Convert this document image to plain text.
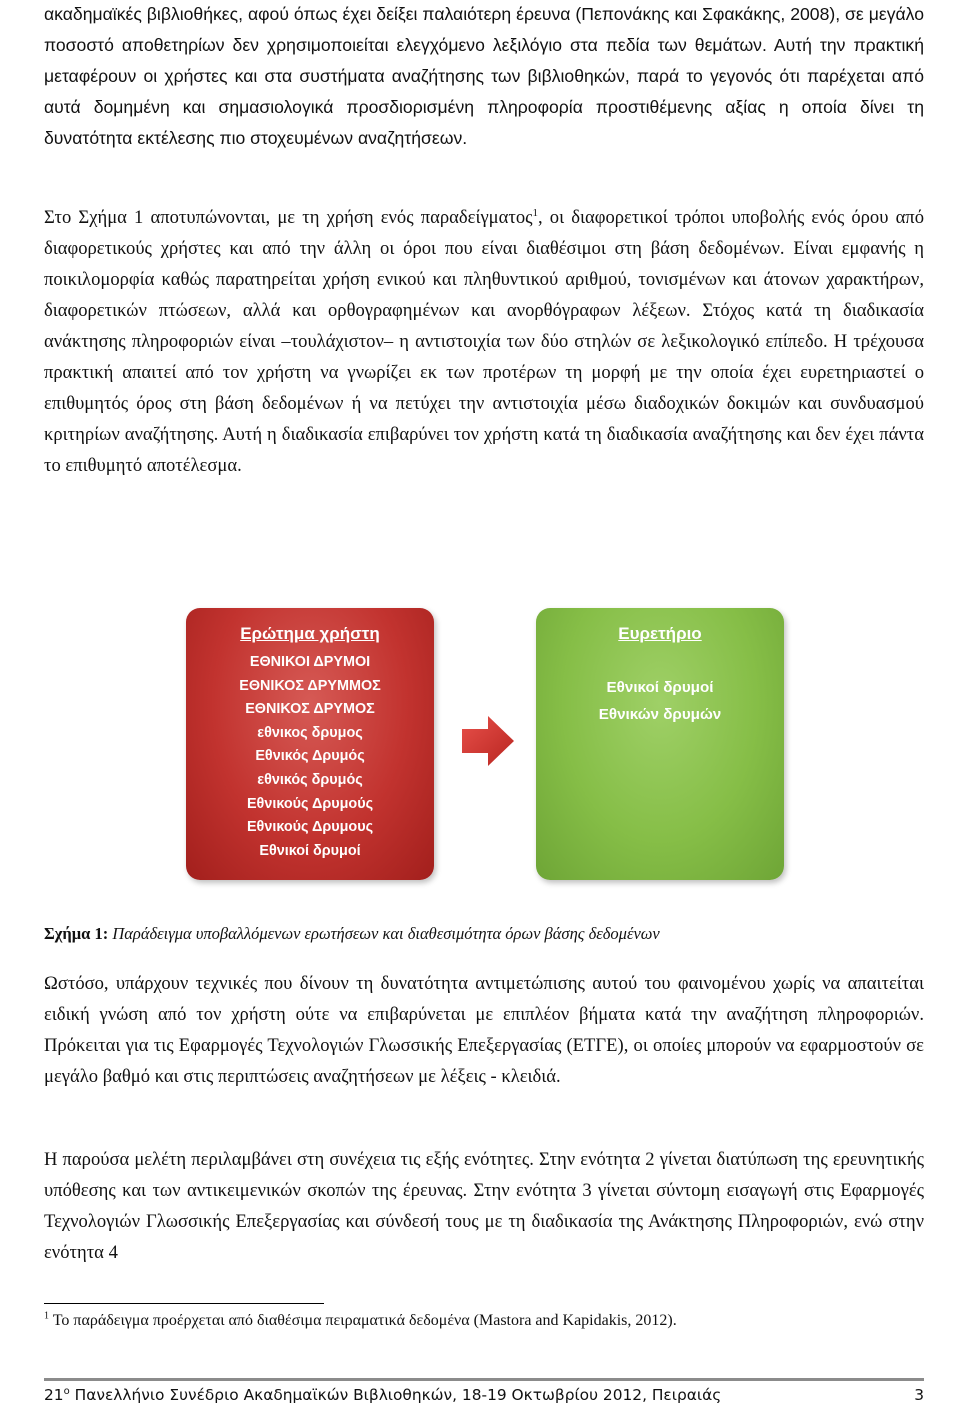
ακαδημαϊκές βιβλιοθήκες, αφού όπως έχει δείξει παλαιότερη έρευνα (Πεπονάκης και Σφακάκης, 2008), σε μεγάλο ποσοστό αποθετηρίων δεν χρησιμοποιείται ελεγχόμενο λεξιλόγιο στα πεδία των θεμάτων. Αυτή την πρακτική μεταφέρουν οι χρήστες και στα συστήματα αναζήτησης των βιβλιοθηκών, παρά το γεγονός ότι παρέχεται από αυτά δομημένη και σημασιολογικά προσδιορισμένη πληροφορία προστιθέμενης αξίας η οποία δίνει τη δυνατότητα εκτέλεσης πιο στοχευμένων αναζητήσεων.

Στο Σχήμα 1 αποτυπώνονται, με τη χρήση ενός παραδείγματος$^1$, οι διαφορετικοί τρόποι υποβολής ενός όρου από διαφορετικούς χρήστες και από την άλλη οι όροι που είναι διαθέσιμοι στη βάση δεδομένων. Είναι εμφανής η ποικιλομορφία καθώς παρατηρείται χρήση ενικού και πληθυντικού αριθμού, τονισμένων και άτονων χαρακτήρων, διαφορετικών πτώσεων, αλλά και ορθογραφημένων και ανορθόγραφων λέξεων. Στόχος κατά τη διαδικασία ανάκτησης πληροφοριών είναι –τουλάχιστον– η αντιστοιχία των δύο στηλών σε λεξικολογικό επίπεδο. Η τρέχουσα πρακτική απαιτεί από τον χρήστη να γνωρίζει εκ των προτέρων τη μορφή με την οποία έχει ευρετηριαστεί ο επιθυμητός όρος στη βάση δεδομένων ή να πετύχει την αντιστοιχία μέσω διαδοχικών δοκιμών και συνδυασμού κριτηρίων αναζήτησης. Αυτή η διαδικασία επιβαρύνει τον χρήστη κατά τη διαδικασία αναζήτησης και δεν έχει πάντα το επιθυμητό αποτέλεσμα.

Ερώτημα χρήστη
ΕΘΝΙΚΟΙ ΔΡΥΜΟΙ
ΕΘΝΙΚΟΣ ΔΡΥΜΜΟΣ
ΕΘΝΙΚΟΣ ΔΡΥΜΟΣ
εθνικος δρυμος
Εθνικός Δρυμός
εθνικός δρυμός
Εθνικούς Δρυμούς
Εθνικούς Δρυμους
Εθνικοί δρυμοί
Ευρετήριο
Εθνικοί δρυμοί
Εθνικών δρυμών
Σχήμα 1: Παράδειγμα υποβαλλόμενων ερωτήσεων και διαθεσιμότητα όρων βάσης δεδομένων

Ωστόσο, υπάρχουν τεχνικές που δίνουν τη δυνατότητα αντιμετώπισης αυτού του φαινομένου χωρίς να απαιτείται ειδική γνώση από τον χρήστη ούτε να επιβαρύνεται με επιπλέον βήματα κατά την αναζήτηση πληροφοριών. Πρόκειται για τις Εφαρμογές Τεχνολογιών Γλωσσικής Επεξεργασίας (ΕΤΓΕ), οι οποίες μπορούν να εφαρμοστούν σε μεγάλο βαθμό και στις περιπτώσεις αναζητήσεων με λέξεις - κλειδιά.

Η παρούσα μελέτη περιλαμβάνει στη συνέχεια τις εξής ενότητες. Στην ενότητα 2 γίνεται διατύπωση της ερευνητικής υπόθεσης και των αντικειμενικών σκοπών της έρευνας. Στην ενότητα 3 γίνεται σύντομη εισαγωγή στις Εφαρμογές Τεχνολογιών Γλωσσικής Επεξεργασίας και σύνδεσή τους με τη διαδικασία της Ανάκτησης Πληροφοριών, ενώ στην ενότητα 4

$^1$ Το παράδειγμα προέρχεται από διαθέσιμα πειραματικά δεδομένα (Mastora and Kapidakis, 2012).
$21^o$ Πανελλήνιο Συνέδριο Ακαδημαϊκών Βιβλιοθηκών, 18-19 Οκτωβρίου 2012, Πειραιάς	3
